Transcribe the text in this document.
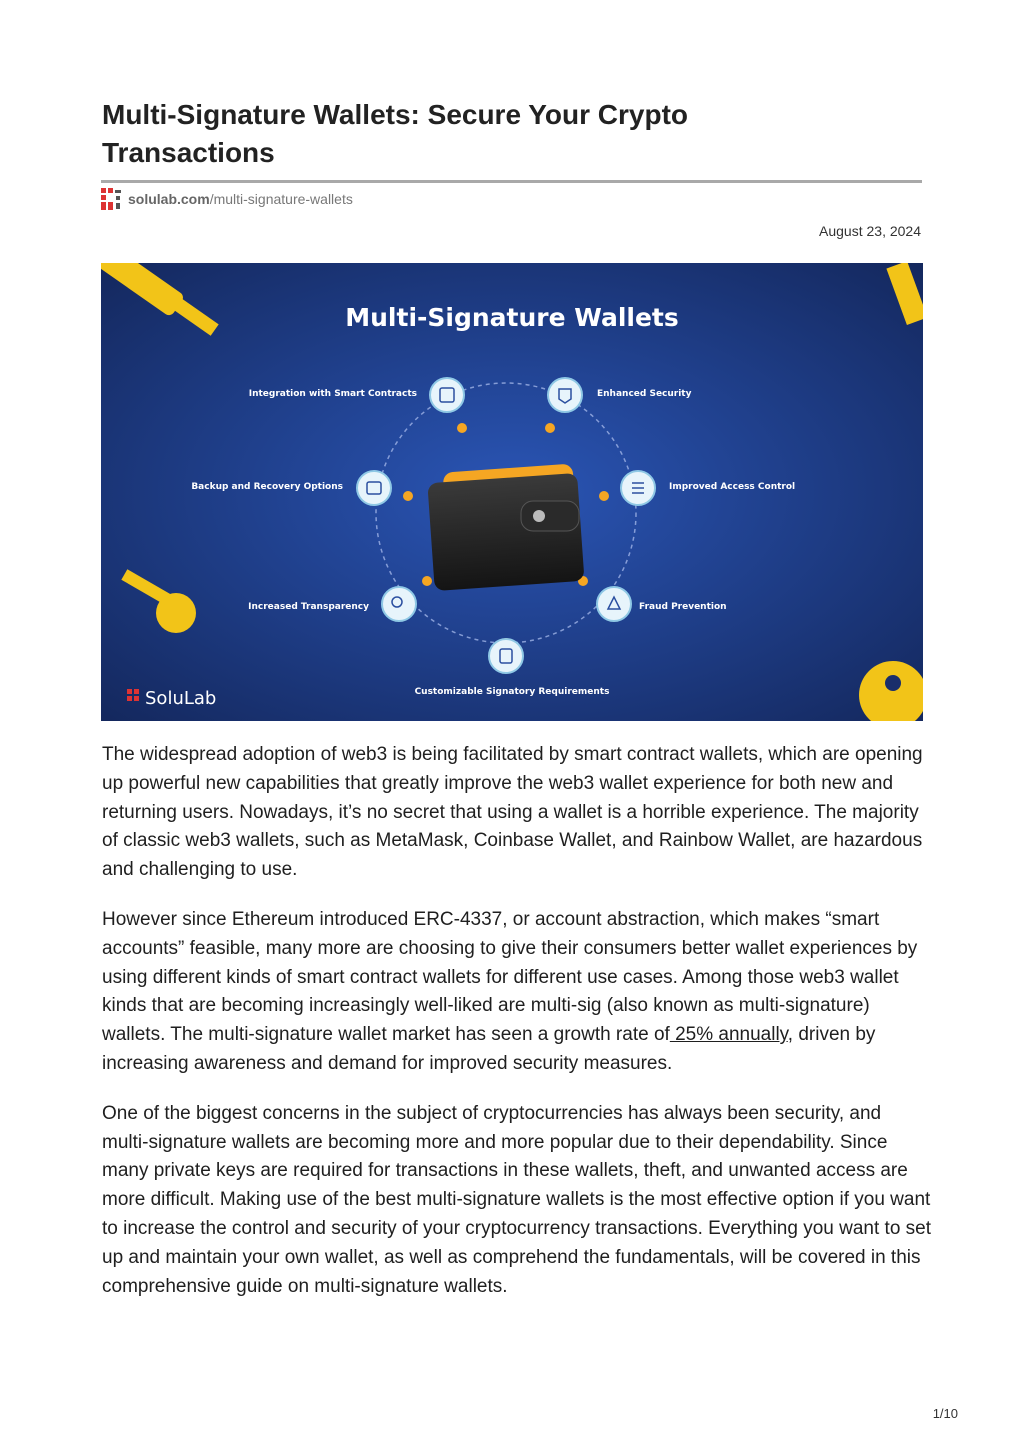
Multi-Signature Wallets: Secure Your Crypto Transactions
solulab.com/multi-signature-wallets
August 23, 2024
Multi-Signature Wallets
Integration with Smart Contracts	Enhanced Security
Backup and Recovery Options	Improved Access Control
Increased Transparency	Fraud Prevention
Customizable Signatory Requirements
SoluLab

The widespread adoption of web3 is being facilitated by smart contract wallets, which are opening up powerful new capabilities that greatly improve the web3 wallet experience for both new and returning users. Nowadays, it’s no secret that using a wallet is a horrible experience. The majority of classic web3 wallets, such as MetaMask, Coinbase Wallet, and Rainbow Wallet, are hazardous and challenging to use.

However since Ethereum introduced ERC-4337, or account abstraction, which makes “smart accounts” feasible, many more are choosing to give their consumers better wallet experiences by using different kinds of smart contract wallets for different use cases. Among those web3 wallet kinds that are becoming increasingly well-liked are multi-sig (also known as multi-signature) wallets. The multi-signature wallet market has seen a growth rate of 25% annually, driven by increasing awareness and demand for improved security measures.

One of the biggest concerns in the subject of cryptocurrencies has always been security, and multi-signature wallets are becoming more and more popular due to their dependability. Since many private keys are required for transactions in these wallets, theft, and unwanted access are more difficult. Making use of the best multi-signature wallets is the most effective option if you want to increase the control and security of your cryptocurrency transactions. Everything you want to set up and maintain your own wallet, as well as comprehend the fundamentals, will be covered in this comprehensive guide on multi-signature wallets.

1/10
